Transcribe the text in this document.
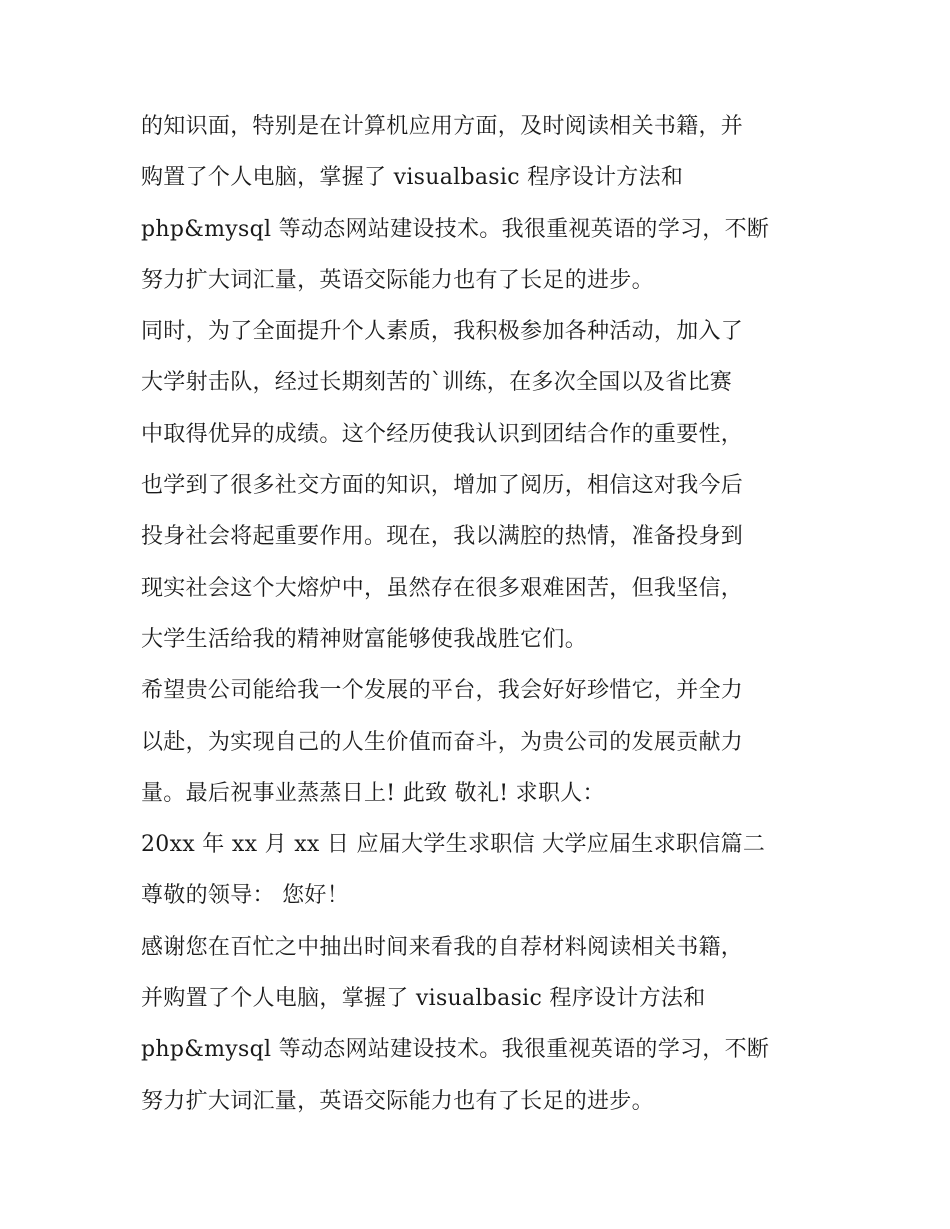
的知识面，特别是在计算机应用方面，及时阅读相关书籍，并
购置了个人电脑，掌握了 visualbasic 程序设计方法和
php&mysql 等动态网站建设技术。我很重视英语的学习，不断
努力扩大词汇量，英语交际能力也有了长足的进步。
同时，为了全面提升个人素质，我积极参加各种活动，加入了
大学射击队，经过长期刻苦的`训练，在多次全国以及省比赛
中取得优异的成绩。这个经历使我认识到团结合作的重要性，
也学到了很多社交方面的知识，增加了阅历，相信这对我今后
投身社会将起重要作用。现在，我以满腔的热情，准备投身到
现实社会这个大熔炉中，虽然存在很多艰难困苦，但我坚信，
大学生活给我的精神财富能够使我战胜它们。
希望贵公司能给我一个发展的平台，我会好好珍惜它，并全力
以赴，为实现自己的人生价值而奋斗，为贵公司的发展贡献力
量。最后祝事业蒸蒸日上! 此致 敬礼! 求职人：
20xx 年 xx 月 xx 日 应届大学生求职信 大学应届生求职信篇二
尊敬的领导： 您好！
感谢您在百忙之中抽出时间来看我的自荐材料阅读相关书籍，
并购置了个人电脑，掌握了 visualbasic 程序设计方法和
php&mysql 等动态网站建设技术。我很重视英语的学习，不断
努力扩大词汇量，英语交际能力也有了长足的进步。
